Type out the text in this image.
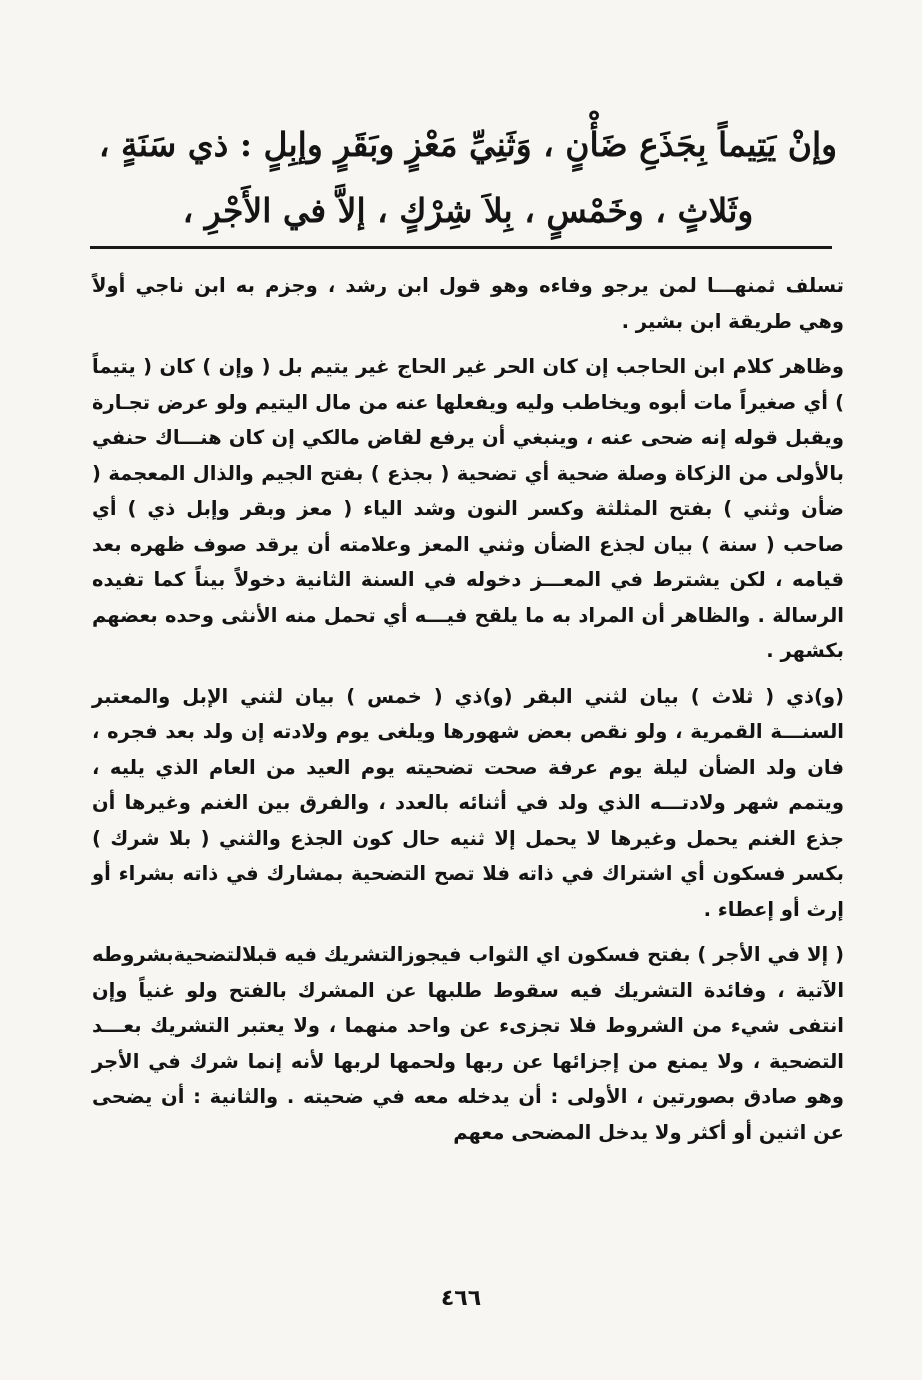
وإنْ يَتِيماً بِجَذَعِ ضَأْنٍ ، وَثَنِيِّ مَعْزٍ وبَقَرٍ وإبِلٍ : ذي سَنَةٍ ،
وثَلاثٍ ، وخَمْسٍ ، بِلاَ شِرْكٍ ، إلاَّ في الأَجْرِ ،

تسلف ثمنهـــا لمن يرجو وفاءه وهو قول ابن رشد ، وجزم به ابن ناجي أولاً وهي طريقة ابن بشير .

وظاهر كلام ابن الحاجب إن كان الحر غير الحاج غير يتيم بل ( وإن ) كان ( يتيماً ) أي صغيراً مات أبوه ويخاطب وليه ويفعلها عنه من مال اليتيم ولو عرض تجـارة ويقبل قوله إنه ضحى عنه ، وينبغي أن يرفع لقاض مالكي إن كان هنـــاك حنفي بالأولى من الزكاة وصلة ضحية أي تضحية ( بجذع ) بفتح الجيم والذال المعجمة ( ضأن وثني ) بفتح المثلثة وكسر النون وشد الياء ( معز وبقر وإبل ذي ) أي صاحب ( سنة ) بيان لجذع الضأن وثني المعز وعلامته أن يرقد صوف ظهره بعد قيامه ، لكن يشترط في المعـــز دخوله في السنة الثانية دخولاً بيناً كما تفيده الرسالة . والظاهر أن المراد به ما يلقح فيـــه أي تحمل منه الأنثى وحده بعضهم بكشهر .

(و)ذي ( ثلاث ) بيان لثني البقر (و)ذي ( خمس ) بيان لثني الإبل والمعتبر السنـــة القمرية ، ولو نقص بعض شهورها ويلغى يوم ولادته إن ولد بعد فجره ، فان ولد الضأن ليلة يوم عرفة صحت تضحيته يوم العيد من العام الذي يليه ، ويتمم شهر ولادتـــه الذي ولد في أثنائه بالعدد ، والفرق بين الغنم وغيرها أن جذع الغنم يحمل وغيرها لا يحمل إلا ثنيه حال كون الجذع والثني ( بلا شرك ) بكسر فسكون أي اشتراك في ذاته فلا تصح التضحية بمشارك في ذاته بشراء أو إرث أو إعطاء .

( إلا في الأجر ) بفتح فسكون اي الثواب فيجوزالتشريك فيه قبلالتضحيةبشروطه الآتية ، وفائدة التشريك فيه سقوط طلبها عن المشرك بالفتح ولو غنياً وإن انتفى شيء من الشروط فلا تجزىء عن واحد منهما ، ولا يعتبر التشريك بعـــد التضحية ، ولا يمنع من إجزائها عن ربها ولحمها لربها لأنه إنما شرك في الأجر وهو صادق بصورتين ، الأولى : أن يدخله معه في ضحيته . والثانية : أن يضحى عن اثنين أو أكثر ولا يدخل المضحى معهم

٤٦٦
